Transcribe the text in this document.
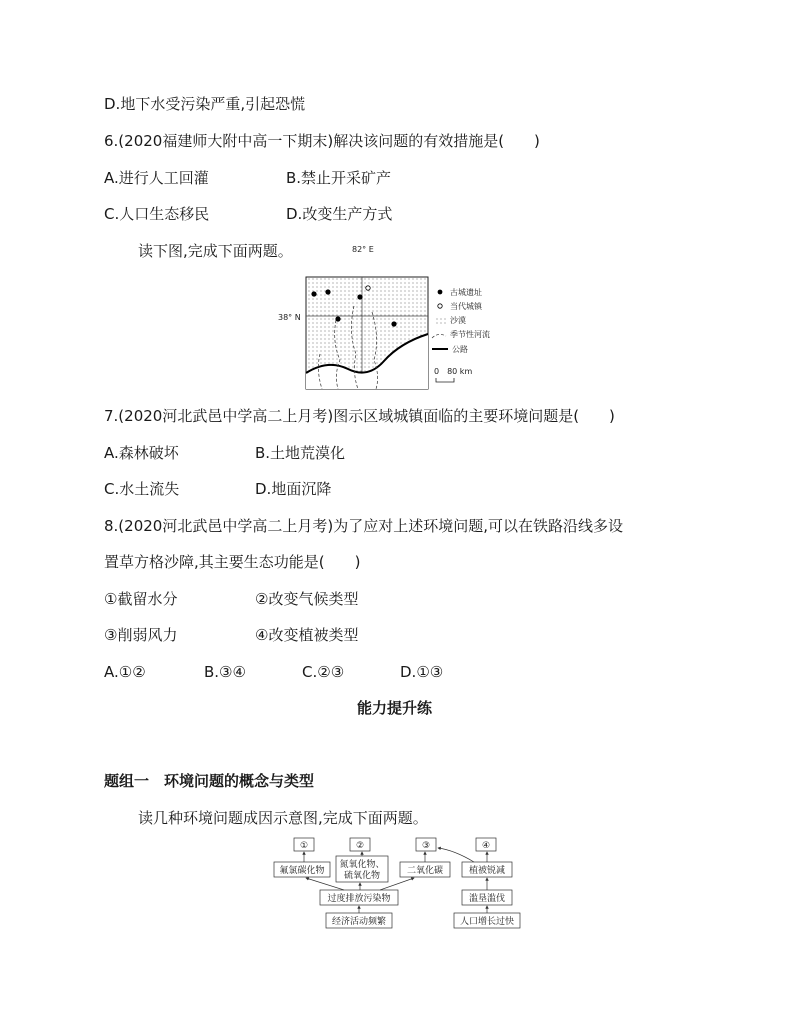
D.地下水受污染严重,引起恐慌
6.(2020福建师大附中高一下期末)解决该问题的有效措施是(　　)
A.进行人工回灌	B.禁止开采矿产
C.人口生态移民	D.改变生产方式
读下图,完成下面两题。	82° E
38° N
古城遗址
当代城镇
沙漠
季节性河流
公路
0　80 km
7.(2020河北武邑中学高二上月考)图示区域城镇面临的主要环境问题是(　　)
A.森林破坏	B.土地荒漠化
C.水土流失	D.地面沉降
8.(2020河北武邑中学高二上月考)为了应对上述环境问题,可以在铁路沿线多设
置草方格沙障,其主要生态功能是(　　)
①截留水分	②改变气候类型
③削弱风力	④改变植被类型
A.①②	B.③④	C.②③	D.①③
能力提升练
题组一　环境问题的概念与类型
读几种环境问题成因示意图,完成下面两题。
①	②	③	④
氟氯碳化物
氮氧化物、
硫氧化物	二氧化碳	植被锐减
过度排放污染物	滥垦滥伐
经济活动频繁	人口增长过快
